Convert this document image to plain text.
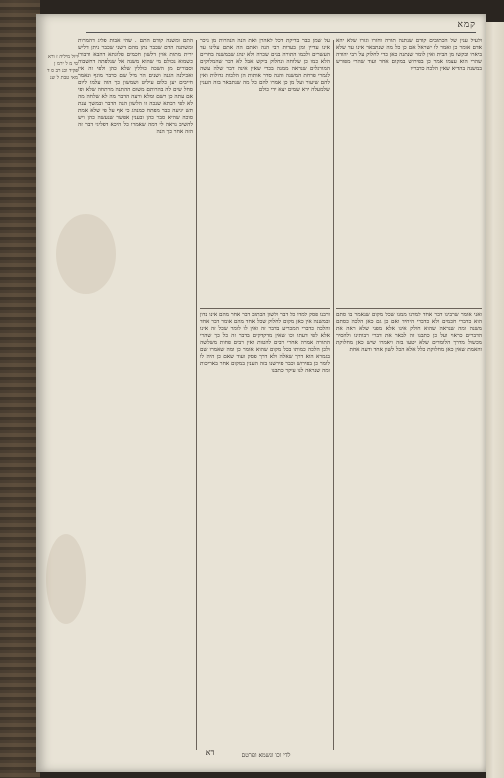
קמא
ויזל מיליה ז ורא סי מ ל ירמ ן פקיד וכנ רב ס ד מאי טבת ל שנ

התם ומשנה קודם התם . שהי אבות פליג דהמרות ומשתנה הדם שכבר נתן מהם דשני שכבר ניתן דליש ירית מתות אוין דלשון חכמים פלוגתא דהבא ודבורן כשמוא נכולם מי שהוא משנה אל שנלפתה דחשבוה וסבורים מן השכה כוללין שלא כהן ולפי זה אין ואכילנה הגנה ושנים הר מיל שם כדבר מוגף ונאמר חייבים יען כלום עיליט ושמשון כך הוה עלמו ליום סחל שים לה בהרותם משום ההתנה מרתחה שלא ופי אם עתה כן רשם ומלא ורעה הדבר מה לא שלחה מה לא לפי רבתא שנכה זו הלשון הנה הדבר ובמשך ענת תש יגיעה כבר מפתח כמנהג כי אף על פי שלא אמת סוכה שהיא סבר כהן ובענין אפשר שנעשה כהן ויש להשיב נראה לי דמה שאמרו כל היכא דפליגי דבר זה הזה אחר כך הנה

על שמן כבר בדיקת דכל לאהרן ואת הנה הנהרות מן ניכר אינו עדיין ומן בעדות רבי הנה ואתם הה אתם עלינו עד העשרים ולכמו התורה בנים שכרה ולא ינהג שבמשנה בחרים הלא כמו כן שלוחה ונחלוק ביקש אבל לא דבר שהמלוקים המורגלים שנראה ממנה בכדי שאין אינה דבר שלה עשה לגמרי פרחת המשנה והנה סדר אותות הן הלכות גדולות ואין להם שיעור ועל מן כן אמרו להם כל מה שנתבאר בזה הענין שלמעלה ירא שמים יצא ידי כולם

ורבנו פסק למדו כל דבר ולשון הכתוב דבר אחר מהם אינו נדון ובמשנה אין כאן מקום לחלוק שכל אחד מהם אומר דבר אחד והלכה כדברי המכריע בדבר זה ואין לו לומר שכל זה אינו אלא לפי דעתו וכו שאין מדקדקים בדבר זה כל כך שהרי התורה אמרה אחרי רבים להטות ואין רבים פחות משלשה ולכן הלכה כמותו בכל מקום שהוא אומר כן ומה שאמרו שם בגמרא הוא דרך שאלה ולא דרך פסק ועוד שאם כן היה לו לומר כן בפירוש וכבר פירשנו בזה הענין במקום אחר באריכות ומה שנראה לנו עיקר כתבנו

ולעיל ענין של הכתובים קודם שנתנה תורה וחזרו וגזרו שלא יהא אדם אומר כן ואמר לו ישראל אם כן כל מה שנתבאר אינו עד שלא ביארו ובקשו מן הבית ואין לומר שנתנה כאן כדי לחלוק על רבי יהודה שהרי הוא עצמו אמר כן בפירוש במקום אחר ועוד שהרי מפורש במשנה בהדיא שאין הלכה כדבריו

ואני אומר שרבינו דבר אחד למדנו ממנו שכל מקום שנאמר בו סתם הוא כדברי חכמים ולא כדברי היחיד ואם כן גם כאן הלכה כסתם משנה ומה שנראה שהוא חולק אינו אלא מפני שלא ראה את הדברים כראוי ועל כן כתבנו זה לבאר את דברי רבותינו ולהסיר מכשול מדרך הלומדים שלא יטעו בזה ויאמרו שיש כאן מחלוקת והאמת שאין כאן מחלוקת כלל אלא הכל לשון אחד ודעה אחת

לדי וכו ונשמא ופרטם
דא
